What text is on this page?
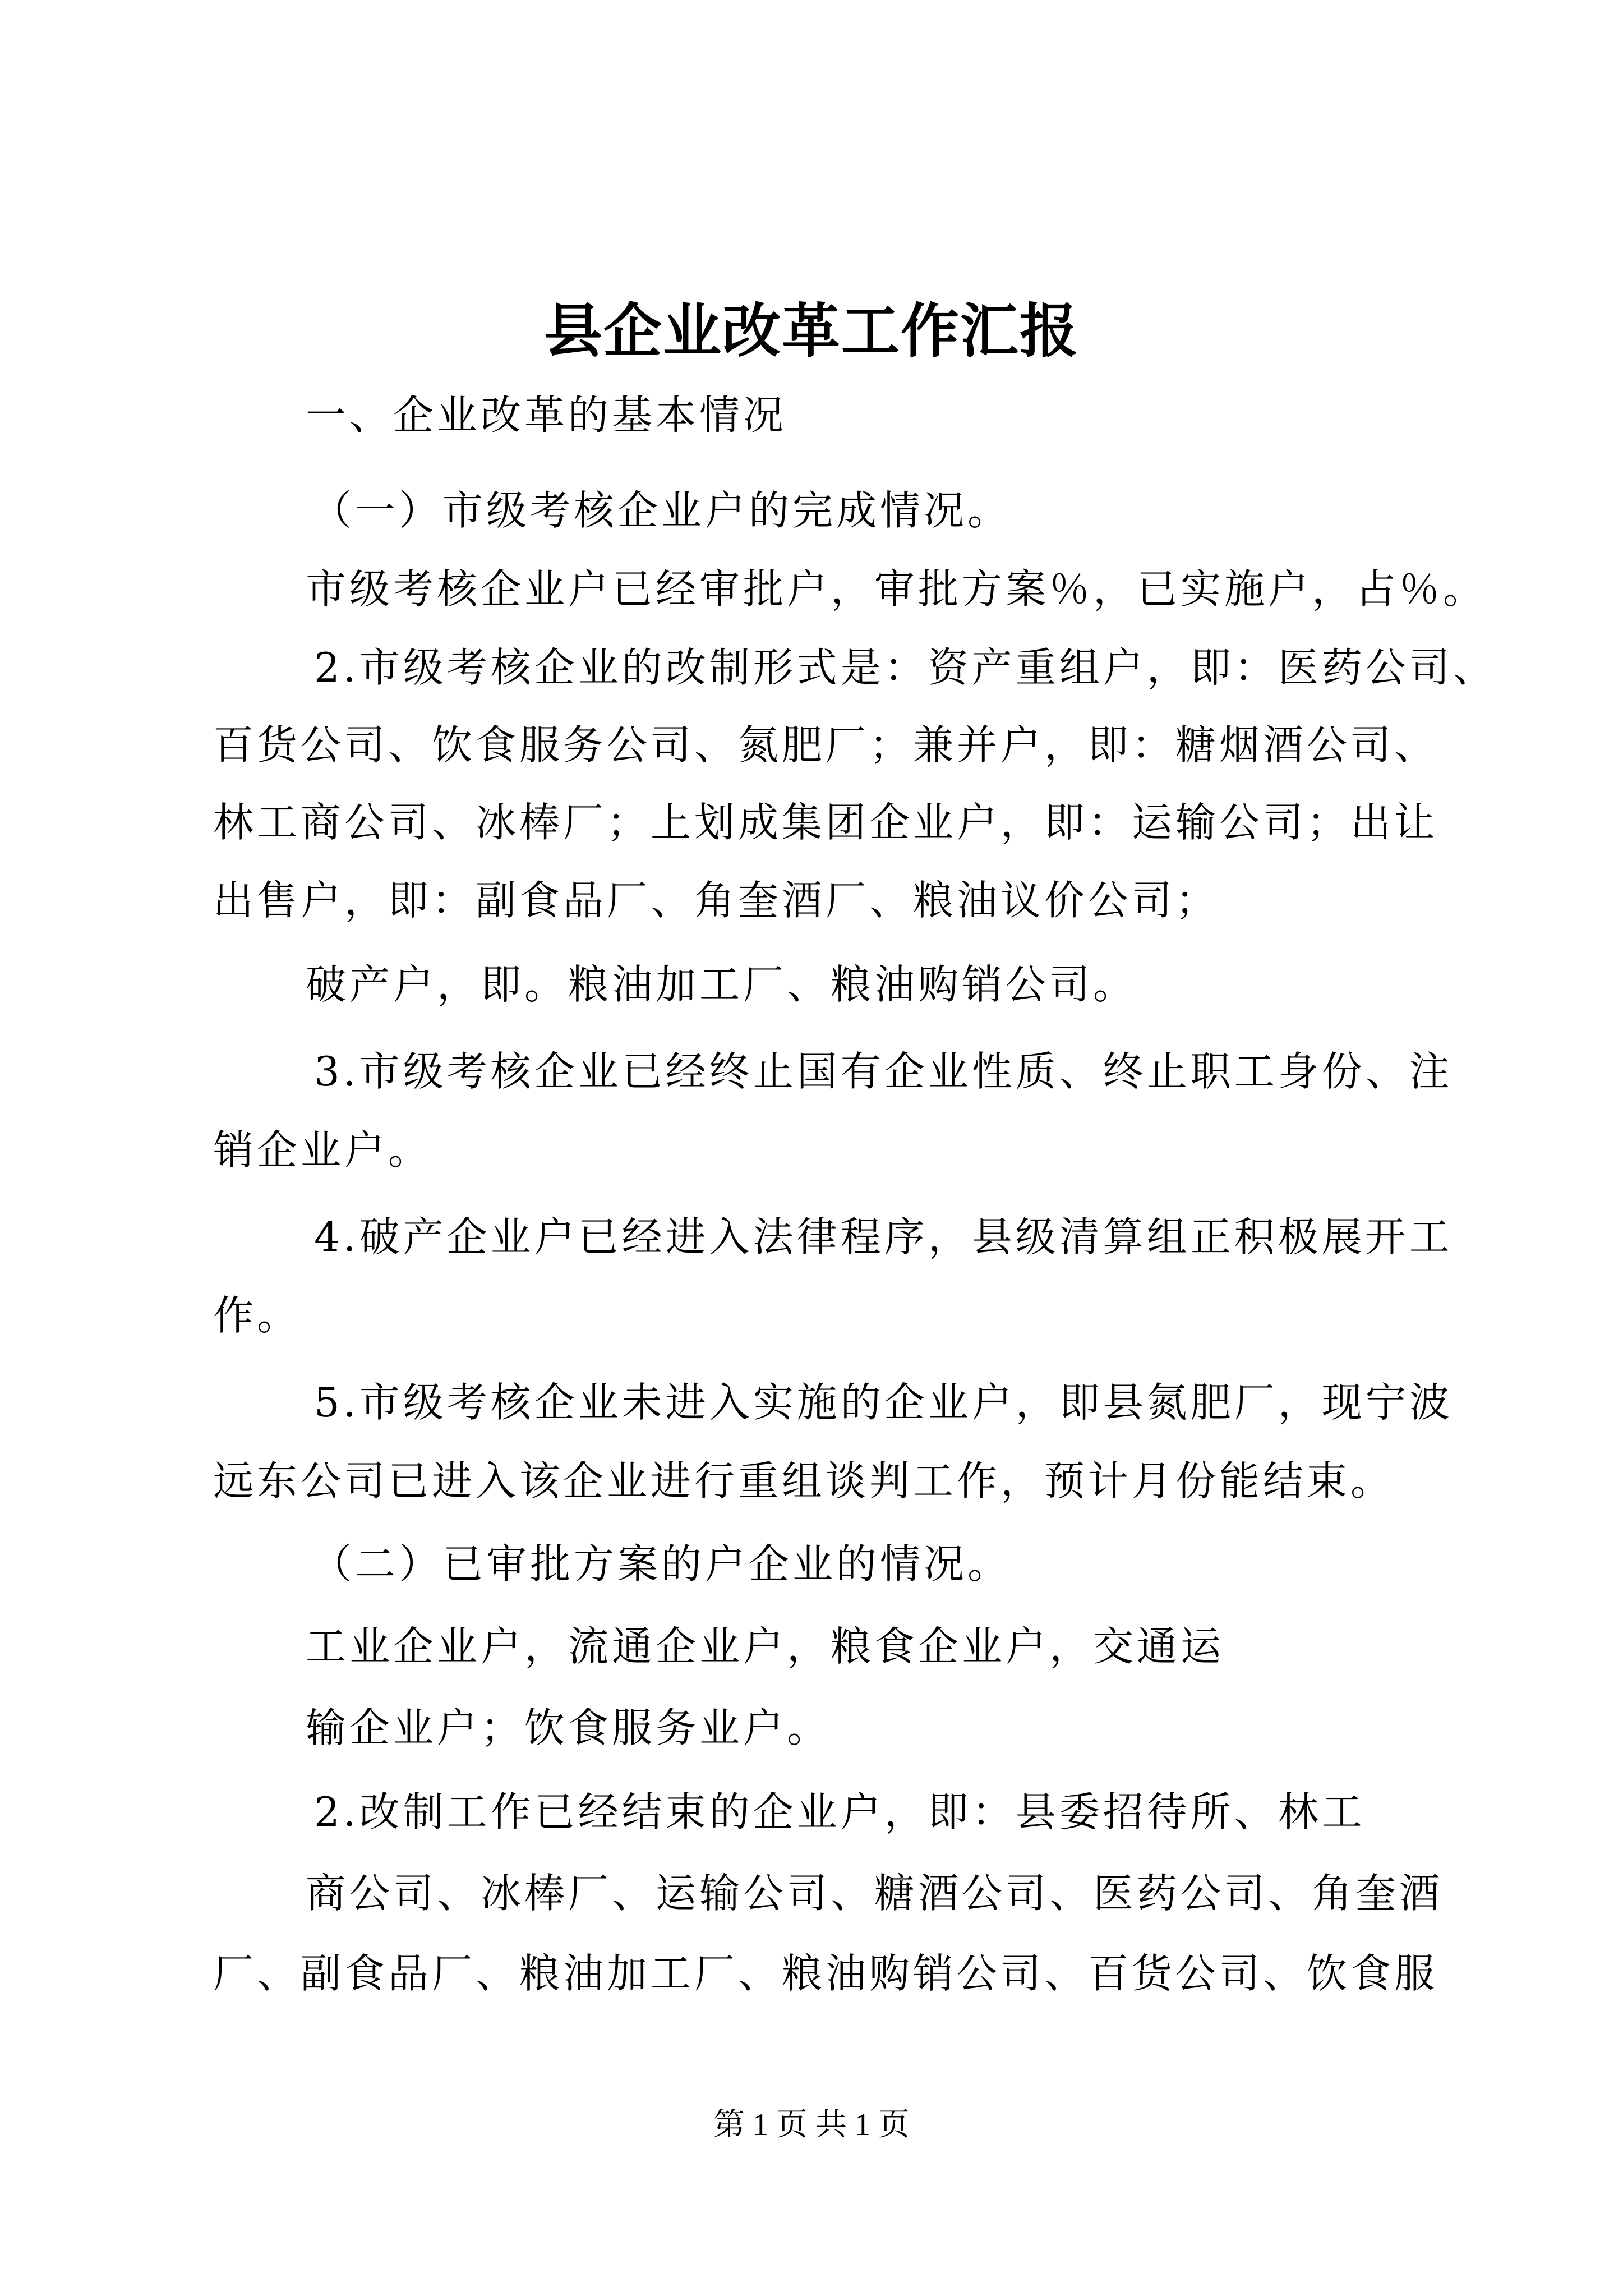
县企业改革工作汇报
一、企业改革的基本情况
（一）市级考核企业户的完成情况。
市级考核企业户已经审批户，审批方案％，已实施户，占％。
2.市级考核企业的改制形式是：资产重组户，即：医药公司、
百货公司、饮食服务公司、氮肥厂；兼并户，即：糖烟酒公司、
林工商公司、冰棒厂；上划成集团企业户，即：运输公司；出让
出售户，即：副食品厂、角奎酒厂、粮油议价公司；
破产户，即。粮油加工厂、粮油购销公司。
3.市级考核企业已经终止国有企业性质、终止职工身份、注
销企业户。
4.破产企业户已经进入法律程序，县级清算组正积极展开工
作。
5.市级考核企业未进入实施的企业户，即县氮肥厂，现宁波
远东公司已进入该企业进行重组谈判工作，预计月份能结束。
（二）已审批方案的户企业的情况。
工业企业户，流通企业户，粮食企业户，交通运
输企业户；饮食服务业户。
2.改制工作已经结束的企业户，即：县委招待所、林工
商公司、冰棒厂、运输公司、糖酒公司、医药公司、角奎酒
厂、副食品厂、粮油加工厂、粮油购销公司、百货公司、饮食服
第 1 页 共 1 页
